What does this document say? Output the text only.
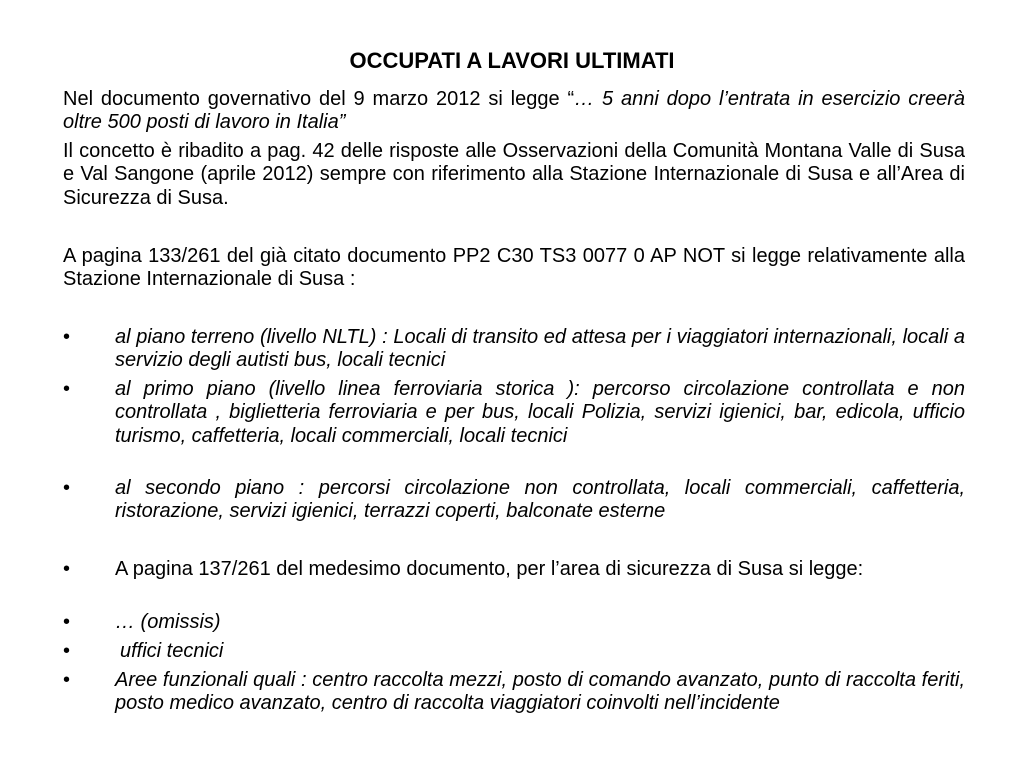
OCCUPATI A LAVORI ULTIMATI

Nel documento governativo del 9 marzo 2012 si legge “… 5 anni dopo l’entrata in esercizio creerà oltre 500 posti di lavoro in Italia”

Il concetto è ribadito a pag. 42 delle risposte alle Osservazioni della Comunità Montana Valle di Susa e Val Sangone (aprile 2012) sempre con riferimento alla Stazione Internazionale di Susa e all’Area di Sicurezza di Susa.

A pagina 133/261 del già citato documento PP2 C30 TS3 0077 0 AP NOT si legge relativamente alla Stazione Internazionale di Susa :

•	al piano terreno (livello NLTL) : Locali di transito ed attesa per i viaggiatori internazionali, locali a servizio degli autisti bus, locali tecnici
•	al primo piano (livello linea ferroviaria storica ): percorso circolazione controllata e non controllata , biglietteria ferroviaria e per bus, locali Polizia, servizi igienici, bar, edicola, ufficio turismo, caffetteria, locali commerciali, locali tecnici
•	al secondo piano : percorsi circolazione non controllata, locali commerciali, caffetteria, ristorazione, servizi igienici, terrazzi coperti, balconate esterne
•	A pagina 137/261 del medesimo documento, per l’area di sicurezza di Susa si legge:
•	… (omissis)
•	uffici tecnici
•	Aree funzionali quali : centro raccolta mezzi, posto di comando avanzato, punto di raccolta feriti, posto medico avanzato, centro di raccolta viaggiatori coinvolti nell’incidente
